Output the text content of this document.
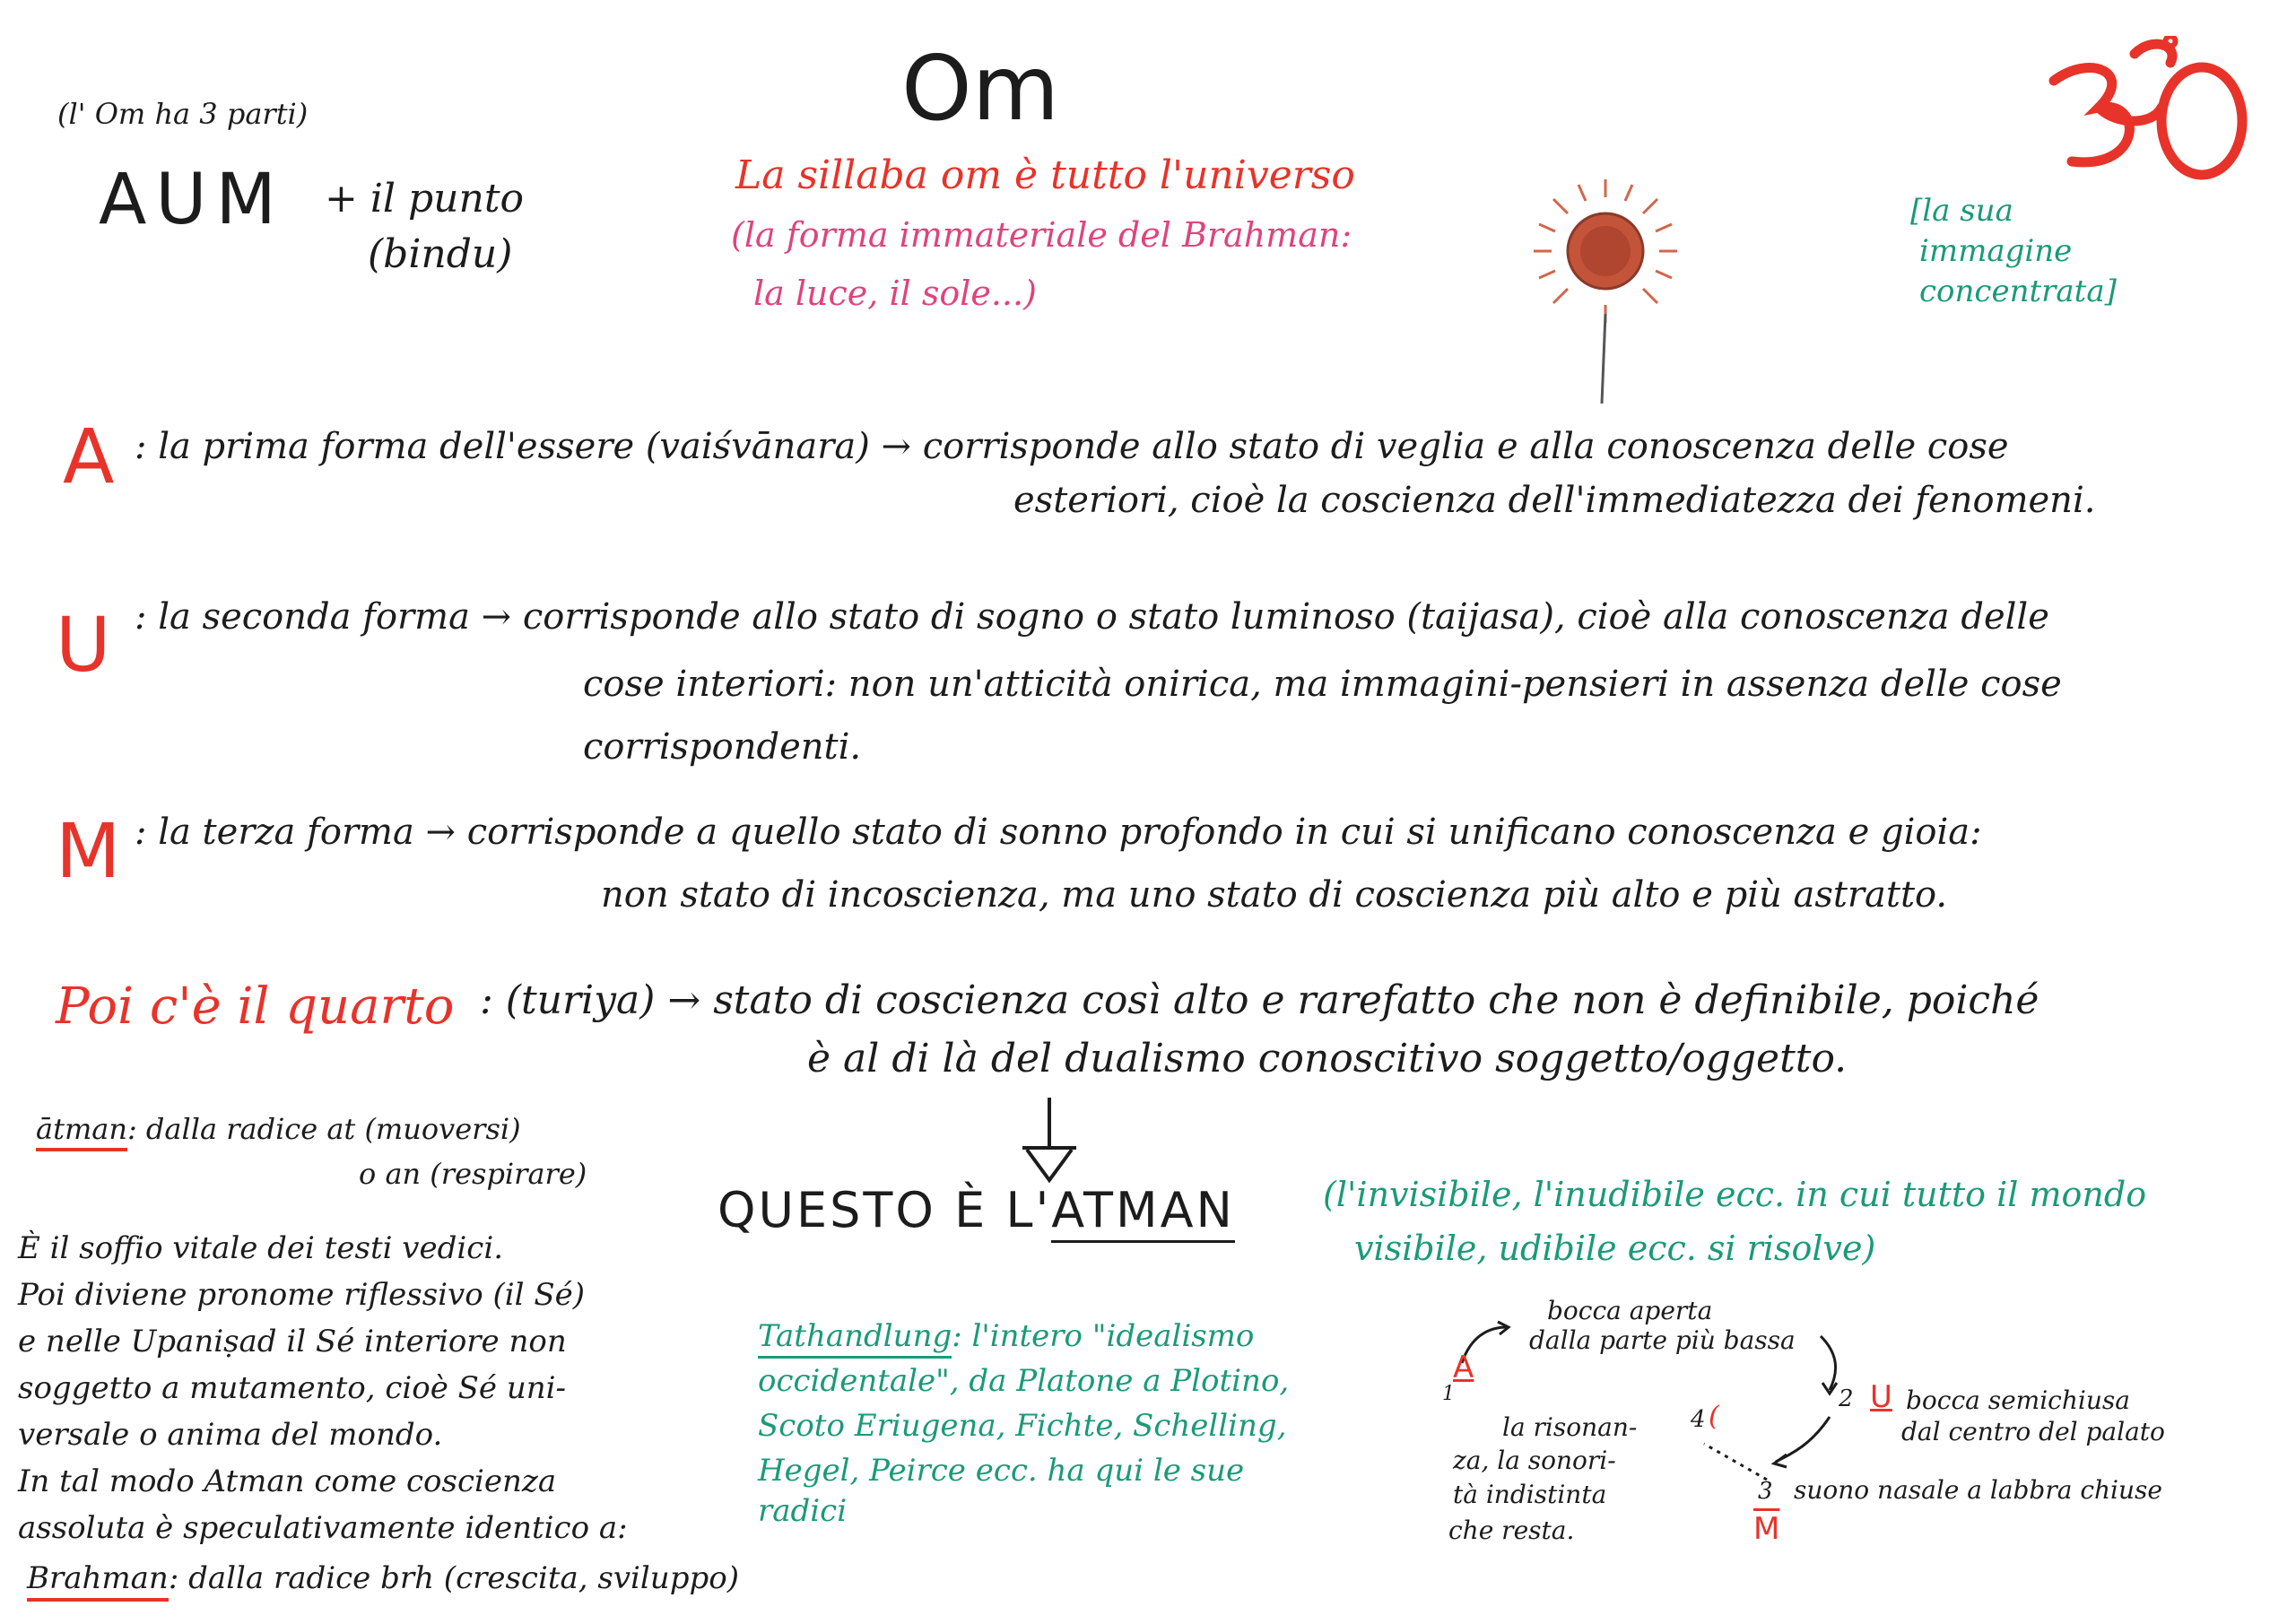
(l' Om ha 3 parti)
AUM + il punto
(bindu)
Om
La sillaba om è tutto l'universo
(la forma immateriale del Brahman:
la luce, il sole...)
[la sua
immagine
concentrata]
A : la prima forma dell'essere (vaiśvānara) → corrisponde allo stato di veglia e alla conoscenza delle cose
esteriori, cioè la coscienza dell'immediatezza dei fenomeni.
U : la seconda forma → corrisponde allo stato di sogno o stato luminoso (taijasa), cioè alla conoscenza delle
cose interiori: non un'atticità onirica, ma immagini-pensieri in assenza delle cose
corrispondenti.
M : la terza forma → corrisponde a quello stato di sonno profondo in cui si unificano conoscenza e gioia:
non stato di incoscienza, ma uno stato di coscienza più alto e più astratto.
Poi c'è il quarto : (turiya) → stato di coscienza così alto e rarefatto che non è definibile, poiché
è al di là del dualismo conoscitivo soggetto/oggetto.
QUESTO È L'ATMAN	(l'invisibile, l'inudibile ecc. in cui tutto il mondo
visibile, udibile ecc. si risolve)
ātman: dalla radice at (muoversi)
o an (respirare)
È il soffio vitale dei testi vedici.
Poi diviene pronome riflessivo (il Sé)
e nelle Upaniṣad il Sé interiore non
soggetto a mutamento, cioè Sé uni-
versale o anima del mondo.
In tal modo Atman come coscienza
assoluta è speculativamente identico a:
Brahman: dalla radice brh (crescita, sviluppo)
Tathandlung: l'intero "idealismo
occidentale", da Platone a Plotino,
Scoto Eriugena, Fichte, Schelling,
Hegel, Peirce ecc. ha qui le sue
radici
A
1
bocca aperta
dalla parte più bassa
2 U bocca semichiusa
dal centro del palato
3 suono nasale a labbra chiuse
$\overline{M}$
4 (
la risonan-
za, la sonori-
tà indistinta
che resta.
